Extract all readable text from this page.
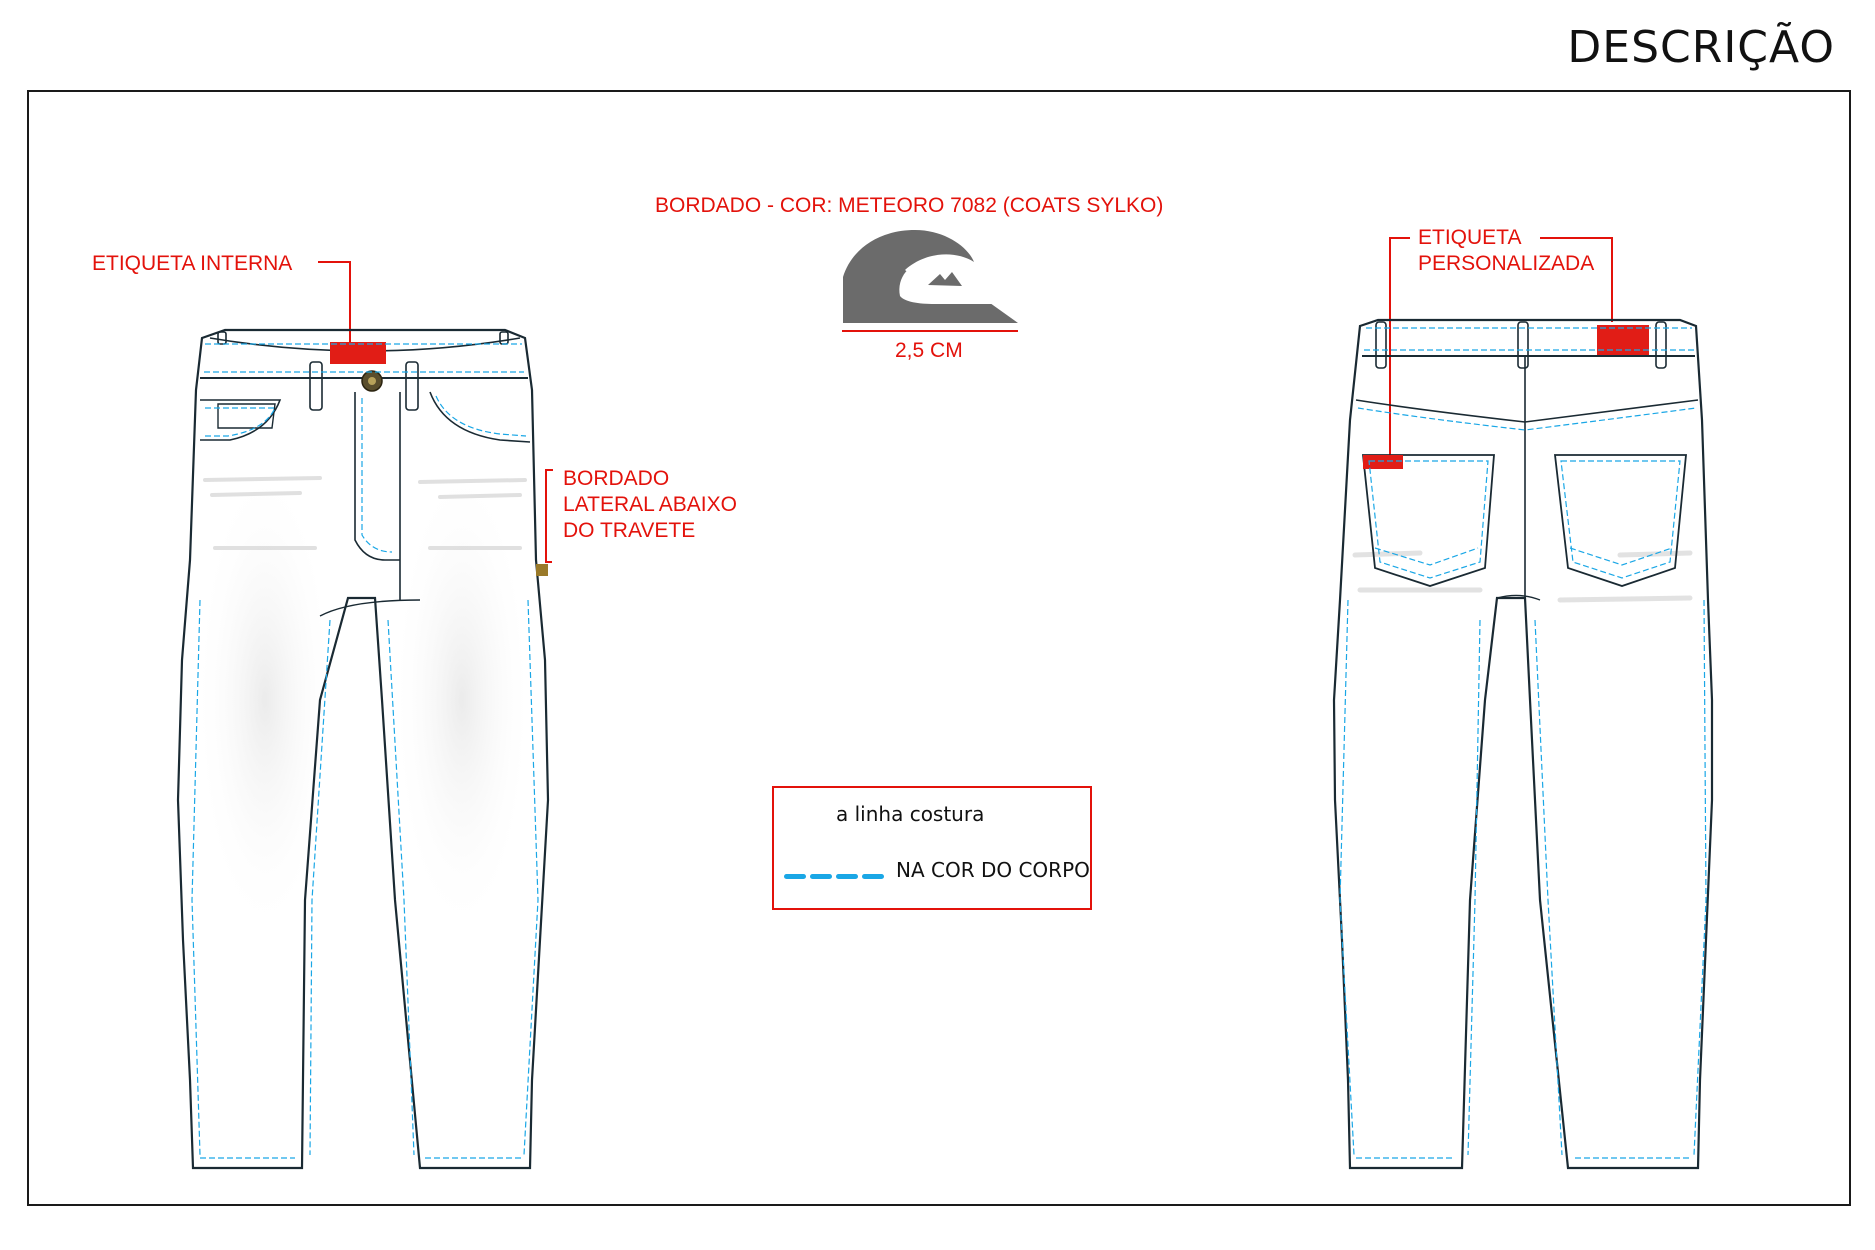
DESCRIÇÃO
BORDADO - COR: METEORO 7082 (COATS SYLKO)
2,5 CM
ETIQUETA INTERNA
BORDADO
LATERAL ABAIXO
DO TRAVETE
ETIQUETA
PERSONALIZADA
a linha costura
NA COR DO CORPO
